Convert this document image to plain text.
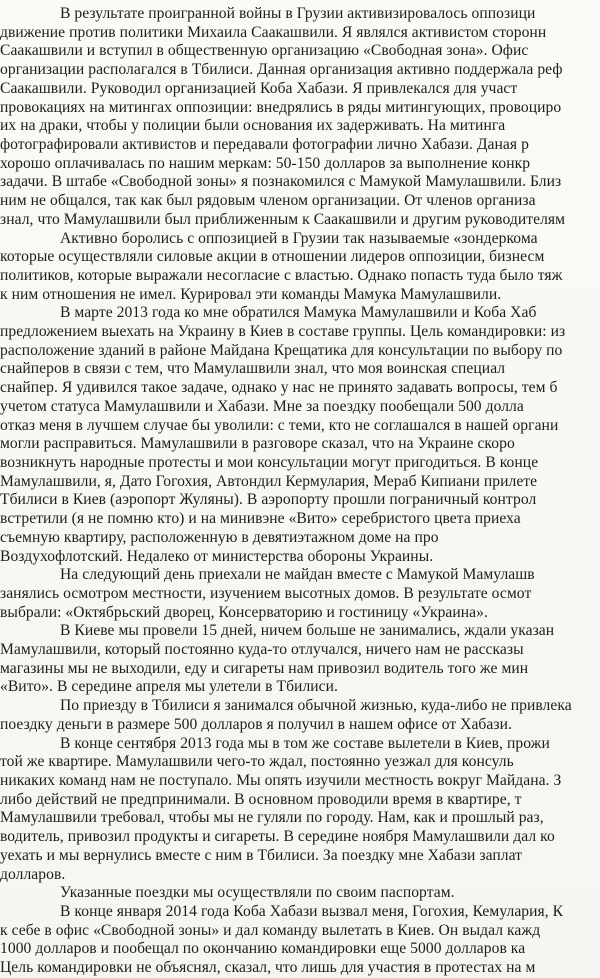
В результате проигранной войны в Грузии активизировалось оппозици
движение против политики Михаила Саакашвили. Я являлся активистом сторонн
Саакашвили и вступил в общественную организацию «Свободная зона». Офис
организации располагался в Тбилиси. Данная организация активно поддержала реф
Саакашвили. Руководил организацией Коба Хабази. Я привлекался для участ
провокациях на митингах оппозиции: внедрялись в ряды митингующих, провоциро
их на драки, чтобы у полиции были основания их задерживать. На митинга
фотографировали активистов и передавали фотографии лично Хабази. Даная р
хорошо оплачивалась по нашим меркам: 50-150 долларов за выполнение конкр
задачи. В штабе «Свободной зоны» я познакомился с Мамукой Мамулашвили. Близ
ним не общался, так как был рядовым членом организации. От членов организа
знал, что Мамулашвили был приближенным к Саакашвили и другим руководителям
Активно боролись с оппозицией в Грузии так называемые «зондеркома
которые осуществляли силовые акции в отношении лидеров оппозиции, бизнесм
политиков, которые выражали несогласие с властью. Однако попасть туда было тяж
к ним отношения не имел. Курировал эти команды Мамука Мамулашвили.
В марте 2013 года ко мне обратился Мамука Мамулашвили и Коба Хаб
предложением выехать на Украину в Киев в составе группы. Цель командировки: из
расположение зданий в районе Майдана Крещатика для консультации по выбору по
снайперов в связи с тем, что Мамулашвили знал, что моя воинская специал
снайпер. Я удивился такое задаче, однако у нас не принято задавать вопросы, тем б
учетом статуса Мамулашвили и Хабази. Мне за поездку пообещали 500 долла
отказ меня в лучшем случае бы уволили: с теми, кто не соглашался в нашей органи
могли расправиться. Мамулашвили в разговоре сказал, что на Украине скоро
возникнуть народные протесты и мои консультации могут пригодиться. В конце
Мамулашвили, я, Дато Гогохия, Автондил Кермулария, Мераб Кипиани прилете
Тбилиси в Киев (аэропорт Жуляны). В аэропорту прошли пограничный контрол
встретили (я не помню кто) и на минивэне «Вито» серебристого цвета приеха
съемную квартиру, расположенную в девятиэтажном доме на про
Воздухофлотский. Недалеко от министерства обороны Украины.
На следующий день приехали не майдан вместе с Мамукой Мамулашв
занялись осмотром местности, изучением высотных домов. В результате осмот
выбрали: «Октябрьский дворец, Консерваторию и гостиницу «Украина».
В Киеве мы провели 15 дней, ничем больше не занимались, ждали указан
Мамулашвили, который постоянно куда-то отлучался, ничего нам не рассказы
магазины мы не выходили, еду и сигареты нам привозил водитель того же мин
«Вито». В середине апреля мы улетели в Тбилиси.
По приезду в Тбилиси я занимался обычной жизнью, куда-либо не привлека
поездку деньги в размере 500 долларов я получил в нашем офисе от Хабази.
В конце сентября 2013 года мы в том же составе вылетели в Киев, прожи
той же квартире. Мамулашвили чего-то ждал, постоянно уезжал для консуль
никаких команд нам не поступало. Мы опять изучили местность вокруг Майдана. З
либо действий не предпринимали. В основном проводили время в квартире, т
Мамулашвили требовал, чтобы мы не гуляли по городу. Нам, как и прошлый раз,
водитель, привозил продукты и сигареты. В середине ноября Мамулашвили дал ко
уехать и мы вернулись вместе с ним в Тбилиси. За поездку мне Хабази заплат
долларов.
Указанные поездки мы осуществляли по своим паспортам.
В конце января 2014 года Коба Хабази вызвал меня, Гогохия, Кемулария, К
к себе в офис «Свободной зоны» и дал команду вылетать в Киев. Он выдал кажд
1000 долларов и пообещал по окончанию командировки еще 5000 долларов ка
Цель командировки не объяснял, сказал, что лишь для участия в протестах на м
